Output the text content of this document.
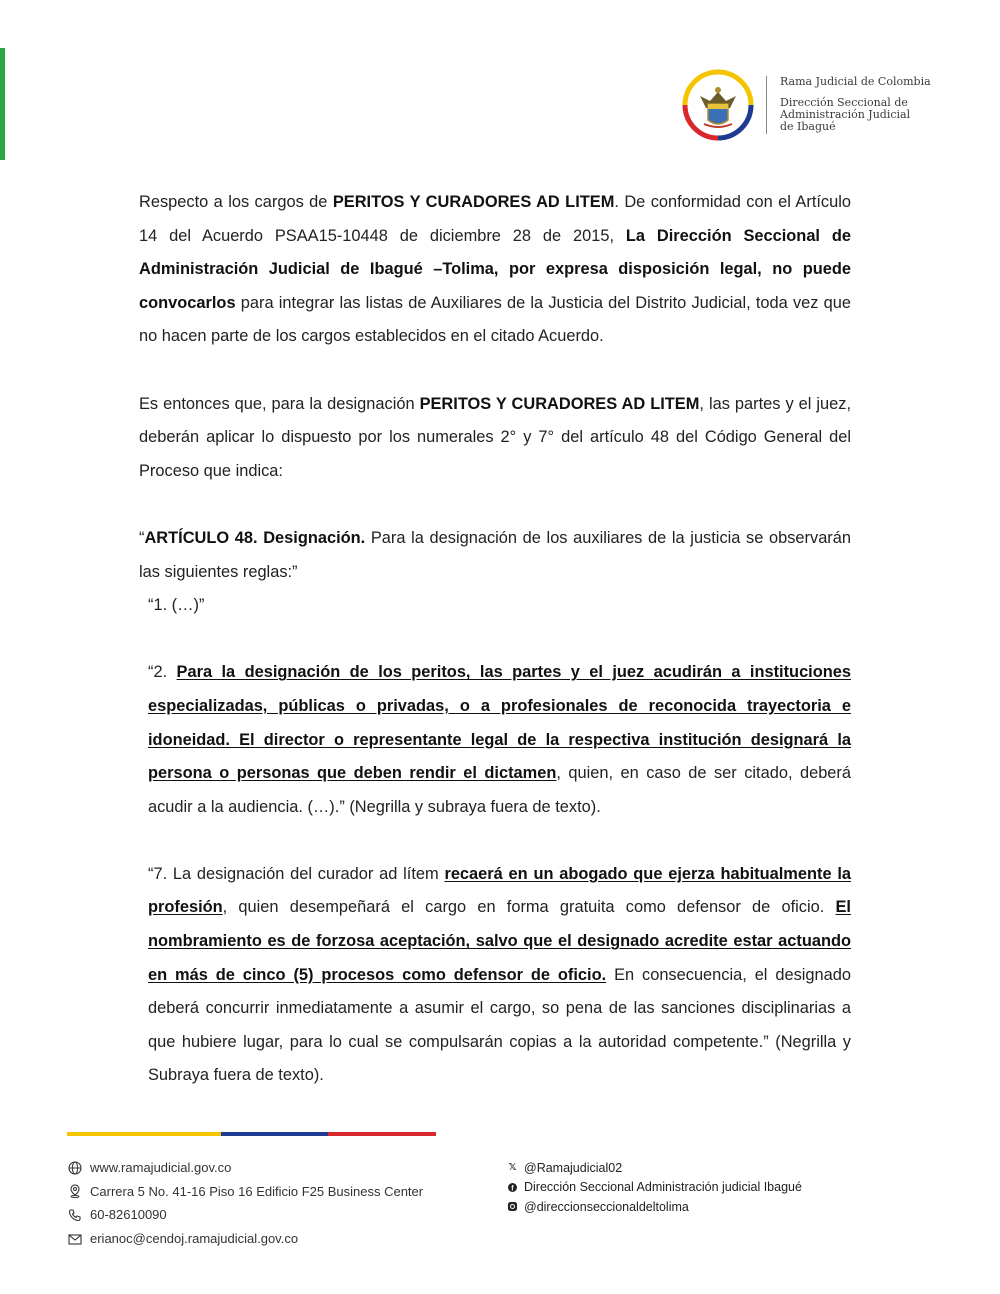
Rama Judicial de Colombia
Dirección Seccional de
Administración Judicial
de Ibagué

Respecto a los cargos de PERITOS Y CURADORES AD LITEM. De conformidad con el Artículo 14 del Acuerdo PSAA15-10448 de diciembre 28 de 2015, La Dirección Seccional de Administración Judicial de Ibagué –Tolima, por expresa disposición legal, no puede convocarlos para integrar las listas de Auxiliares de la Justicia del Distrito Judicial, toda vez que no hacen parte de los cargos establecidos en el citado Acuerdo.

Es entonces que, para la designación PERITOS Y CURADORES AD LITEM, las partes y el juez, deberán aplicar lo dispuesto por los numerales 2° y 7° del artículo 48 del Código General del Proceso que indica:

“ARTÍCULO 48. Designación. Para la designación de los auxiliares de la justicia se observarán las siguientes reglas:”

“1. (…)”

“2. Para la designación de los peritos, las partes y el juez acudirán a instituciones especializadas, públicas o privadas, o a profesionales de reconocida trayectoria e idoneidad. El director o representante legal de la respectiva institución designará la persona o personas que deben rendir el dictamen, quien, en caso de ser citado, deberá acudir a la audiencia. (…).” (Negrilla y subraya fuera de texto).

“7. La designación del curador ad lítem recaerá en un abogado que ejerza habitualmente la profesión, quien desempeñará el cargo en forma gratuita como defensor de oficio. El nombramiento es de forzosa aceptación, salvo que el designado acredite estar actuando en más de cinco (5) procesos como defensor de oficio. En consecuencia, el designado deberá concurrir inmediatamente a asumir el cargo, so pena de las sanciones disciplinarias a que hubiere lugar, para lo cual se compulsarán copias a la autoridad competente.” (Negrilla y Subraya fuera de texto).

www.ramajudicial.gov.co
Carrera 5 No. 41-16 Piso 16 Edificio F25 Business Center
60-82610090
erianoc@cendoj.ramajudicial.gov.co
𝕏 @Ramajudicial02
f Dirección Seccional Administración judicial Ibagué
@direccionseccionaldeltolima
